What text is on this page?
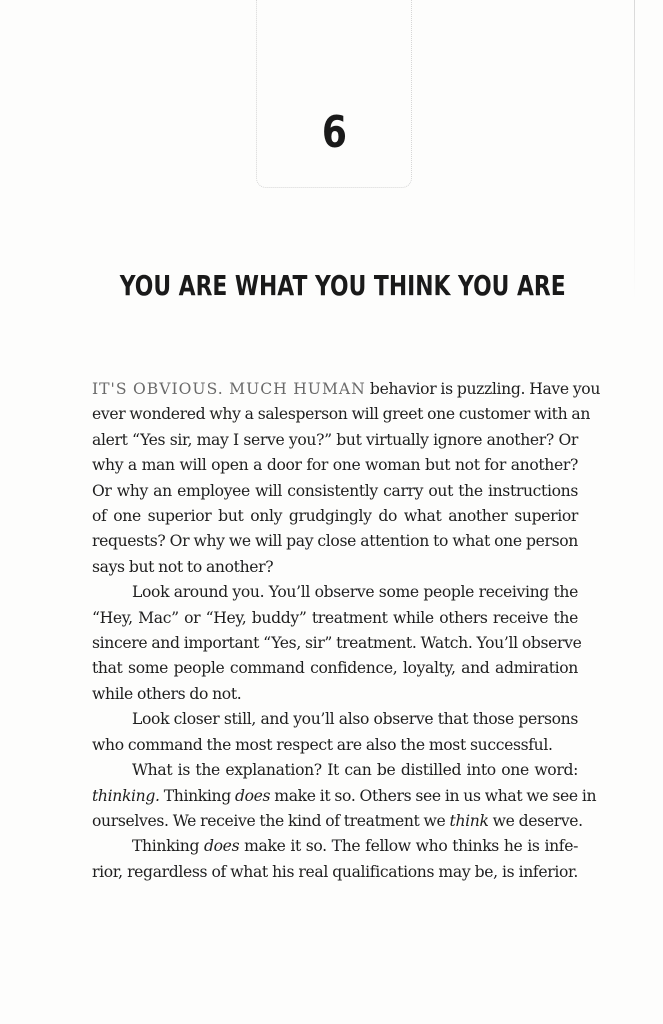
6
YOU ARE WHAT YOU THINK YOU ARE

IT'S OBVIOUS. MUCH HUMAN behavior is puzzling. Have you
ever wondered why a salesperson will greet one customer with an
alert “Yes sir, may I serve you?” but virtually ignore another? Or
why a man will open a door for one woman but not for another?
Or why an employee will consistently carry out the instructions
of one superior but only grudgingly do what another superior
requests? Or why we will pay close attention to what one person
says but not to another?

Look around you. You’ll observe some people receiving the
“Hey, Mac” or “Hey, buddy” treatment while others receive the
sincere and important “Yes, sir” treatment. Watch. You’ll observe
that some people command confidence, loyalty, and admiration
while others do not.

Look closer still, and you’ll also observe that those persons
who command the most respect are also the most successful.

What is the explanation? It can be distilled into one word:
thinking. Thinking does make it so. Others see in us what we see in
ourselves. We receive the kind of treatment we think we deserve.

Thinking does make it so. The fellow who thinks he is infe-
rior, regardless of what his real qualifications may be, is inferior.
